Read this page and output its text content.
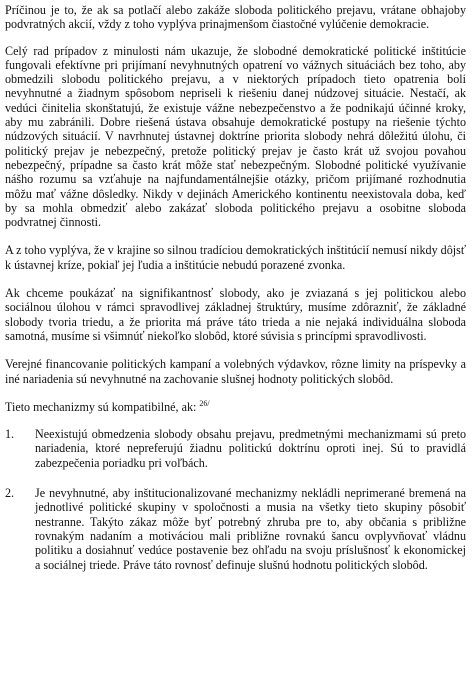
Príčinou je to, že ak sa potlačí alebo zakáže sloboda politického prejavu, vrátane obhajoby podvratných akcií, vždy z toho vyplýva prinajmenšom čiastočné vylúčenie demokracie.

Celý rad prípadov z minulosti nám ukazuje, že slobodné demokratické politické inštitúcie fungovali efektívne pri prijímaní nevyhnutných opatrení vo vážnych situáciách bez toho, aby obmedzili slobodu politického prejavu, a v niektorých prípadoch tieto opatrenia boli nevyhnutné a žiadnym spôsobom nepriseli k riešeniu danej núdzovej situácie. Nestačí, ak vedúci činitelia skonštatujú, že existuje vážne nebezpečenstvo a že podnikajú účinné kroky, aby mu zabránili. Dobre riešená ústava obsahuje demokratické postupy na riešenie týchto núdzových situácií. V navrhnutej ústavnej doktríne priorita slobody nehrá dôležitú úlohu, či politický prejav je nebezpečný, pretože politický prejav je často krát už svojou povahou nebezpečný, prípadne sa často krát môže stať nebezpečným. Slobodné politické využívanie nášho rozumu sa vzťahuje na najfundamentálnejšie otázky, pričom prijímané rozhodnutia môžu mať vážne dôsledky. Nikdy v dejinách Amerického kontinentu neexistovala doba, keď by sa mohla obmedziť alebo zakázať sloboda politického prejavu a osobitne sloboda podvratnej činnosti.

A z toho vyplýva, že v krajine so silnou tradíciou demokratických inštitúcií nemusí nikdy dôjsť k ústavnej kríze, pokiaľ jej ľudia a inštitúcie nebudú porazené zvonka.

Ak chceme poukázať na signifikantnosť slobody, ako je zviazaná s jej politickou alebo sociálnou úlohou v rámci spravodlivej základnej štruktúry, musíme zdôrazniť, že základné slobody tvoria triedu, a že priorita má práve táto trieda a nie nejaká individuálna sloboda samotná, musíme si všimnúť niekoľko slobôd, ktoré súvisia s princípmi spravodlivosti.

Verejné financovanie politických kampaní a volebných výdavkov, rôzne limity na príspevky a iné nariadenia sú nevyhnutné na zachovanie slušnej hodnoty politických slobôd.

Tieto mechanizmy sú kompatibilné, ak: $^{26/}$

1.	Neexistujú obmedzenia slobody obsahu prejavu, predmetnými mechanizmami sú preto nariadenia, ktoré nepreferujú žiadnu politickú doktrínu oproti inej. Sú to pravidlá zabezpečenia poriadku pri voľbách.
2.	Je nevyhnutné, aby inštitucionalizované mechanizmy nekládli neprimerané bremená na jednotlivé politické skupiny v spoločnosti a musia na všetky tieto skupiny pôsobiť nestranne. Takýto zákaz môže byť potrebný zhruba pre to, aby občania s približne rovnakým nadaním a motiváciou mali približne rovnakú šancu ovplyvňovať vládnu politiku a dosiahnuť vedúce postavenie bez ohľadu na svoju príslušnosť k ekonomickej a sociálnej triede. Práve táto rovnosť definuje slušnú hodnotu politických slobôd.
